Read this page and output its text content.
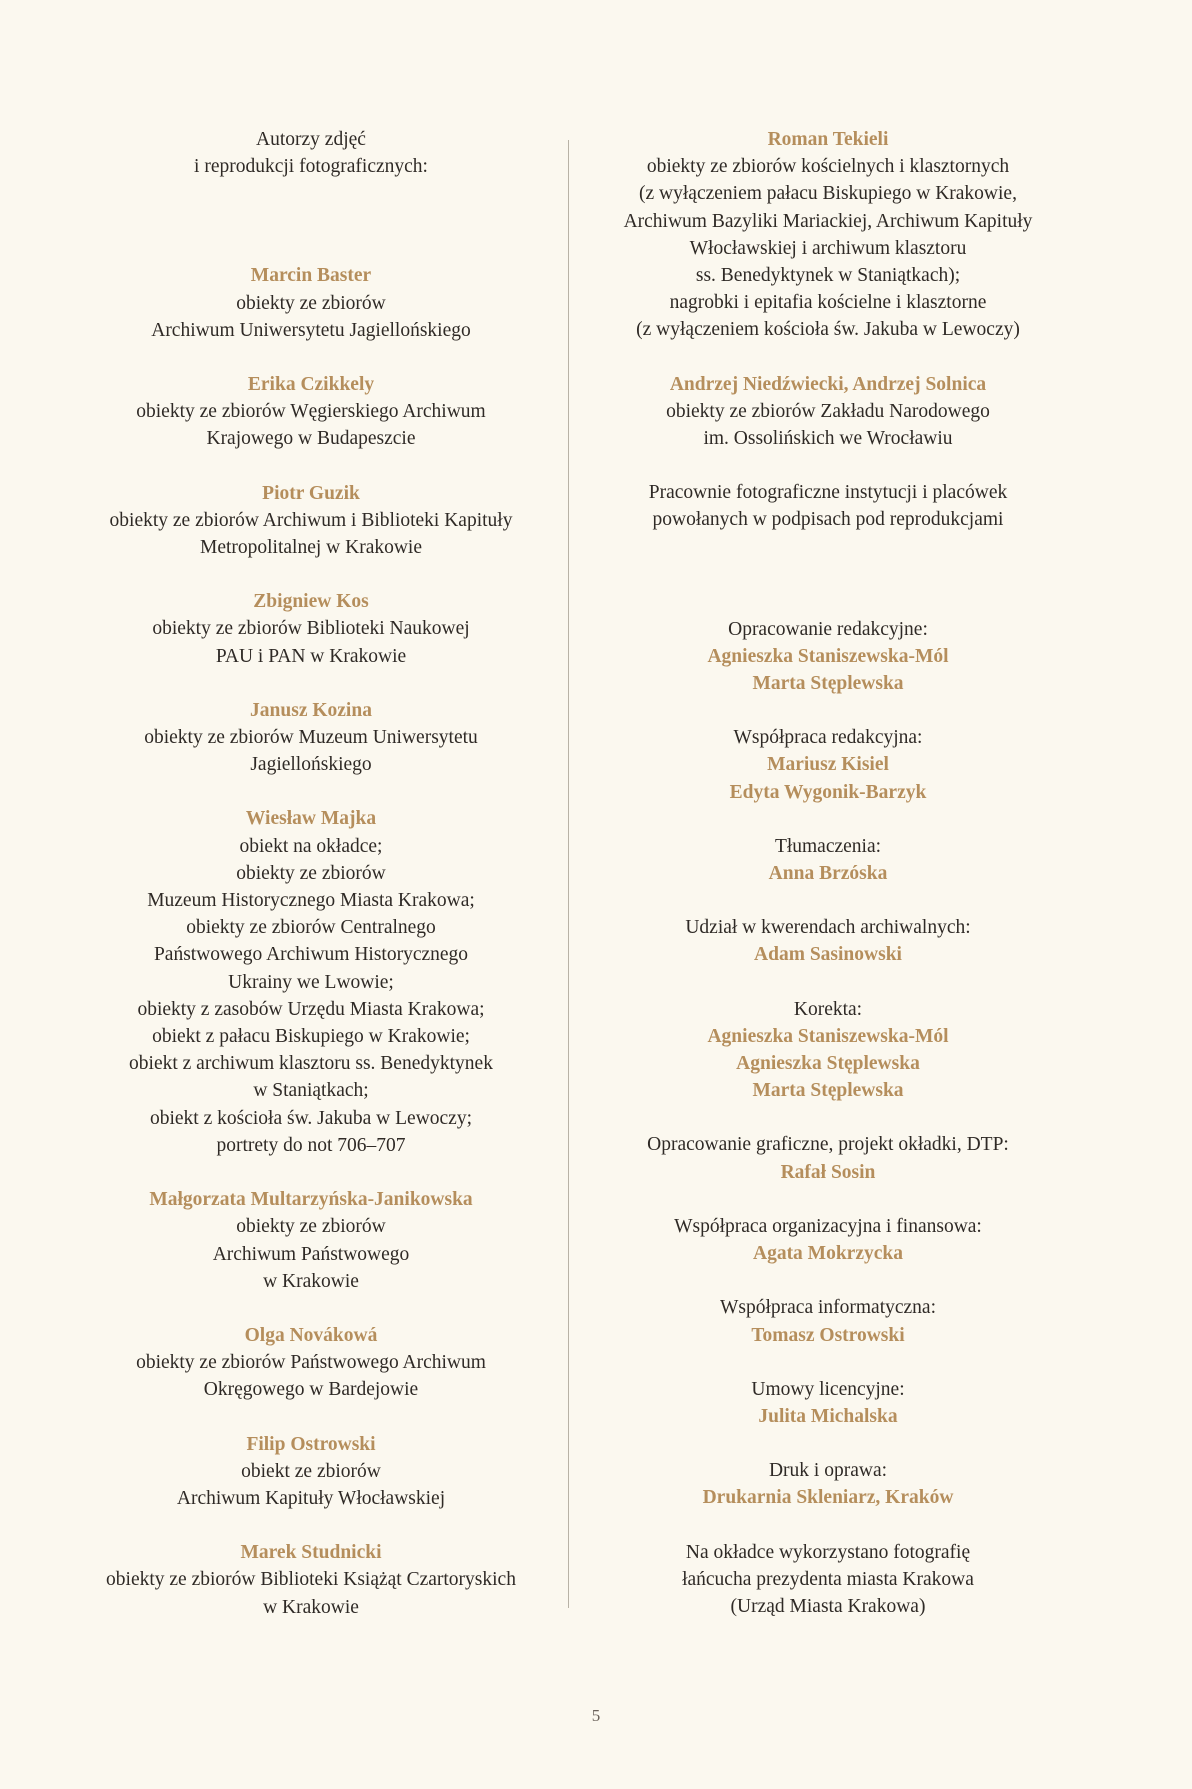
Autorzy zdjęć
i reprodukcji fotograficznych:
Marcin Baster
obiekty ze zbiorów
Archiwum Uniwersytetu Jagiellońskiego
Erika Czikkely
obiekty ze zbiorów Węgierskiego Archiwum
Krajowego w Budapeszcie
Piotr Guzik
obiekty ze zbiorów Archiwum i Biblioteki Kapituły
Metropolitalnej w Krakowie
Zbigniew Kos
obiekty ze zbiorów Biblioteki Naukowej
PAU i PAN w Krakowie
Janusz Kozina
obiekty ze zbiorów Muzeum Uniwersytetu
Jagiellońskiego
Wiesław Majka
obiekt na okładce;
obiekty ze zbiorów
Muzeum Historycznego Miasta Krakowa;
obiekty ze zbiorów Centralnego
Państwowego Archiwum Historycznego
Ukrainy we Lwowie;
obiekty z zasobów Urzędu Miasta Krakowa;
obiekt z pałacu Biskupiego w Krakowie;
obiekt z archiwum klasztoru ss. Benedyktynek
w Staniątkach;
obiekt z kościoła św. Jakuba w Lewoczy;
portrety do not 706–707
Małgorzata Multarzyńska-Janikowska
obiekty ze zbiorów
Archiwum Państwowego
w Krakowie
Olga Novákowá
obiekty ze zbiorów Państwowego Archiwum
Okręgowego w Bardejowie
Filip Ostrowski
obiekt ze zbiorów
Archiwum Kapituły Włocławskiej
Marek Studnicki
obiekty ze zbiorów Biblioteki Książąt Czartoryskich
w Krakowie
Roman Tekieli
obiekty ze zbiorów kościelnych i klasztornych
(z wyłączeniem pałacu Biskupiego w Krakowie,
Archiwum Bazyliki Mariackiej, Archiwum Kapituły
Włocławskiej i archiwum klasztoru
ss. Benedyktynek w Staniątkach);
nagrobki i epitafia kościelne i klasztorne
(z wyłączeniem kościoła św. Jakuba w Lewoczy)
Andrzej Niedźwiecki, Andrzej Solnica
obiekty ze zbiorów Zakładu Narodowego
im. Ossolińskich we Wrocławiu
Pracownie fotograficzne instytucji i placówek
powołanych w podpisach pod reprodukcjami
Opracowanie redakcyjne:
Agnieszka Staniszewska-Mól
Marta Stęplewska
Współpraca redakcyjna:
Mariusz Kisiel
Edyta Wygonik-Barzyk
Tłumaczenia:
Anna Brzóska
Udział w kwerendach archiwalnych:
Adam Sasinowski
Korekta:
Agnieszka Staniszewska-Mól
Agnieszka Stęplewska
Marta Stęplewska
Opracowanie graficzne, projekt okładki, DTP:
Rafał Sosin
Współpraca organizacyjna i finansowa:
Agata Mokrzycka
Współpraca informatyczna:
Tomasz Ostrowski
Umowy licencyjne:
Julita Michalska
Druk i oprawa:
Drukarnia Skleniarz, Kraków
Na okładce wykorzystano fotografię
łańcucha prezydenta miasta Krakowa
(Urząd Miasta Krakowa)
5
